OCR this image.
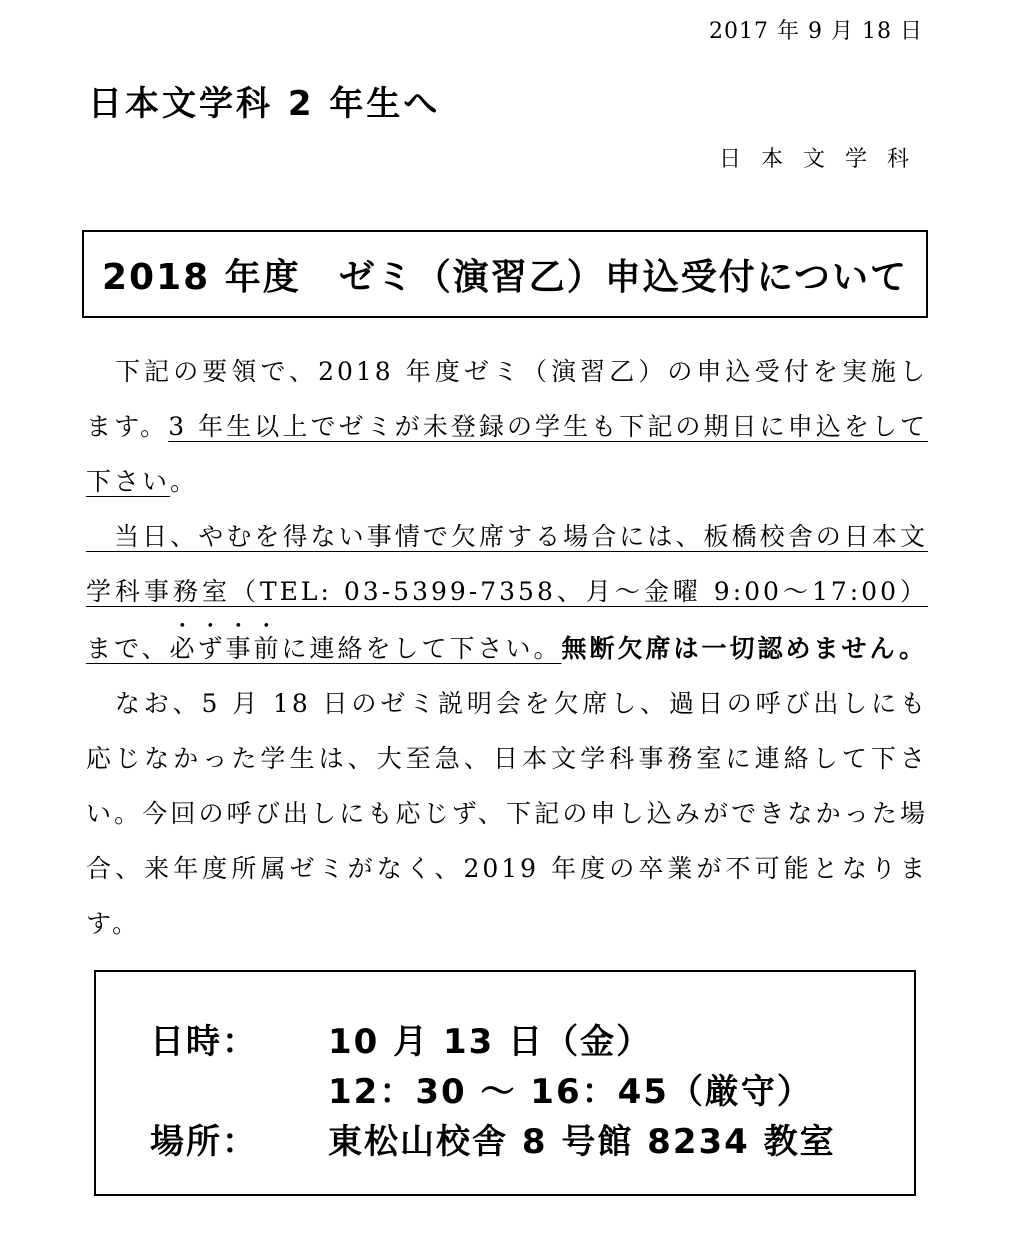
2017 年 9 月 18 日
日本文学科 2 年生へ
日本文学科
2018 年度　ゼミ（演習乙）申込受付について

　下記の要領で、2018 年度ゼミ（演習乙）の申込受付を実施します。3 年生以上でゼミが未登録の学生も下記の期日に申込をして下さい。

　当日、やむを得ない事情で欠席する場合には、板橋校舎の日本文学科事務室（TEL: 03-5399-7358、月～金曜 9:00～17:00）まで、必ず事前に連絡をして下さい。無断欠席は一切認めません。

　なお、5 月 18 日のゼミ説明会を欠席し、過日の呼び出しにも応じなかった学生は、大至急、日本文学科事務室に連絡して下さい。今回の呼び出しにも応じず、下記の申し込みができなかった場合、来年度所属ゼミがなく、2019 年度の卒業が不可能となります。

日時： 10 月 13 日（金）
12：30 ～ 16：45（厳守）
場所： 東松山校舎 8 号館 8234 教室
